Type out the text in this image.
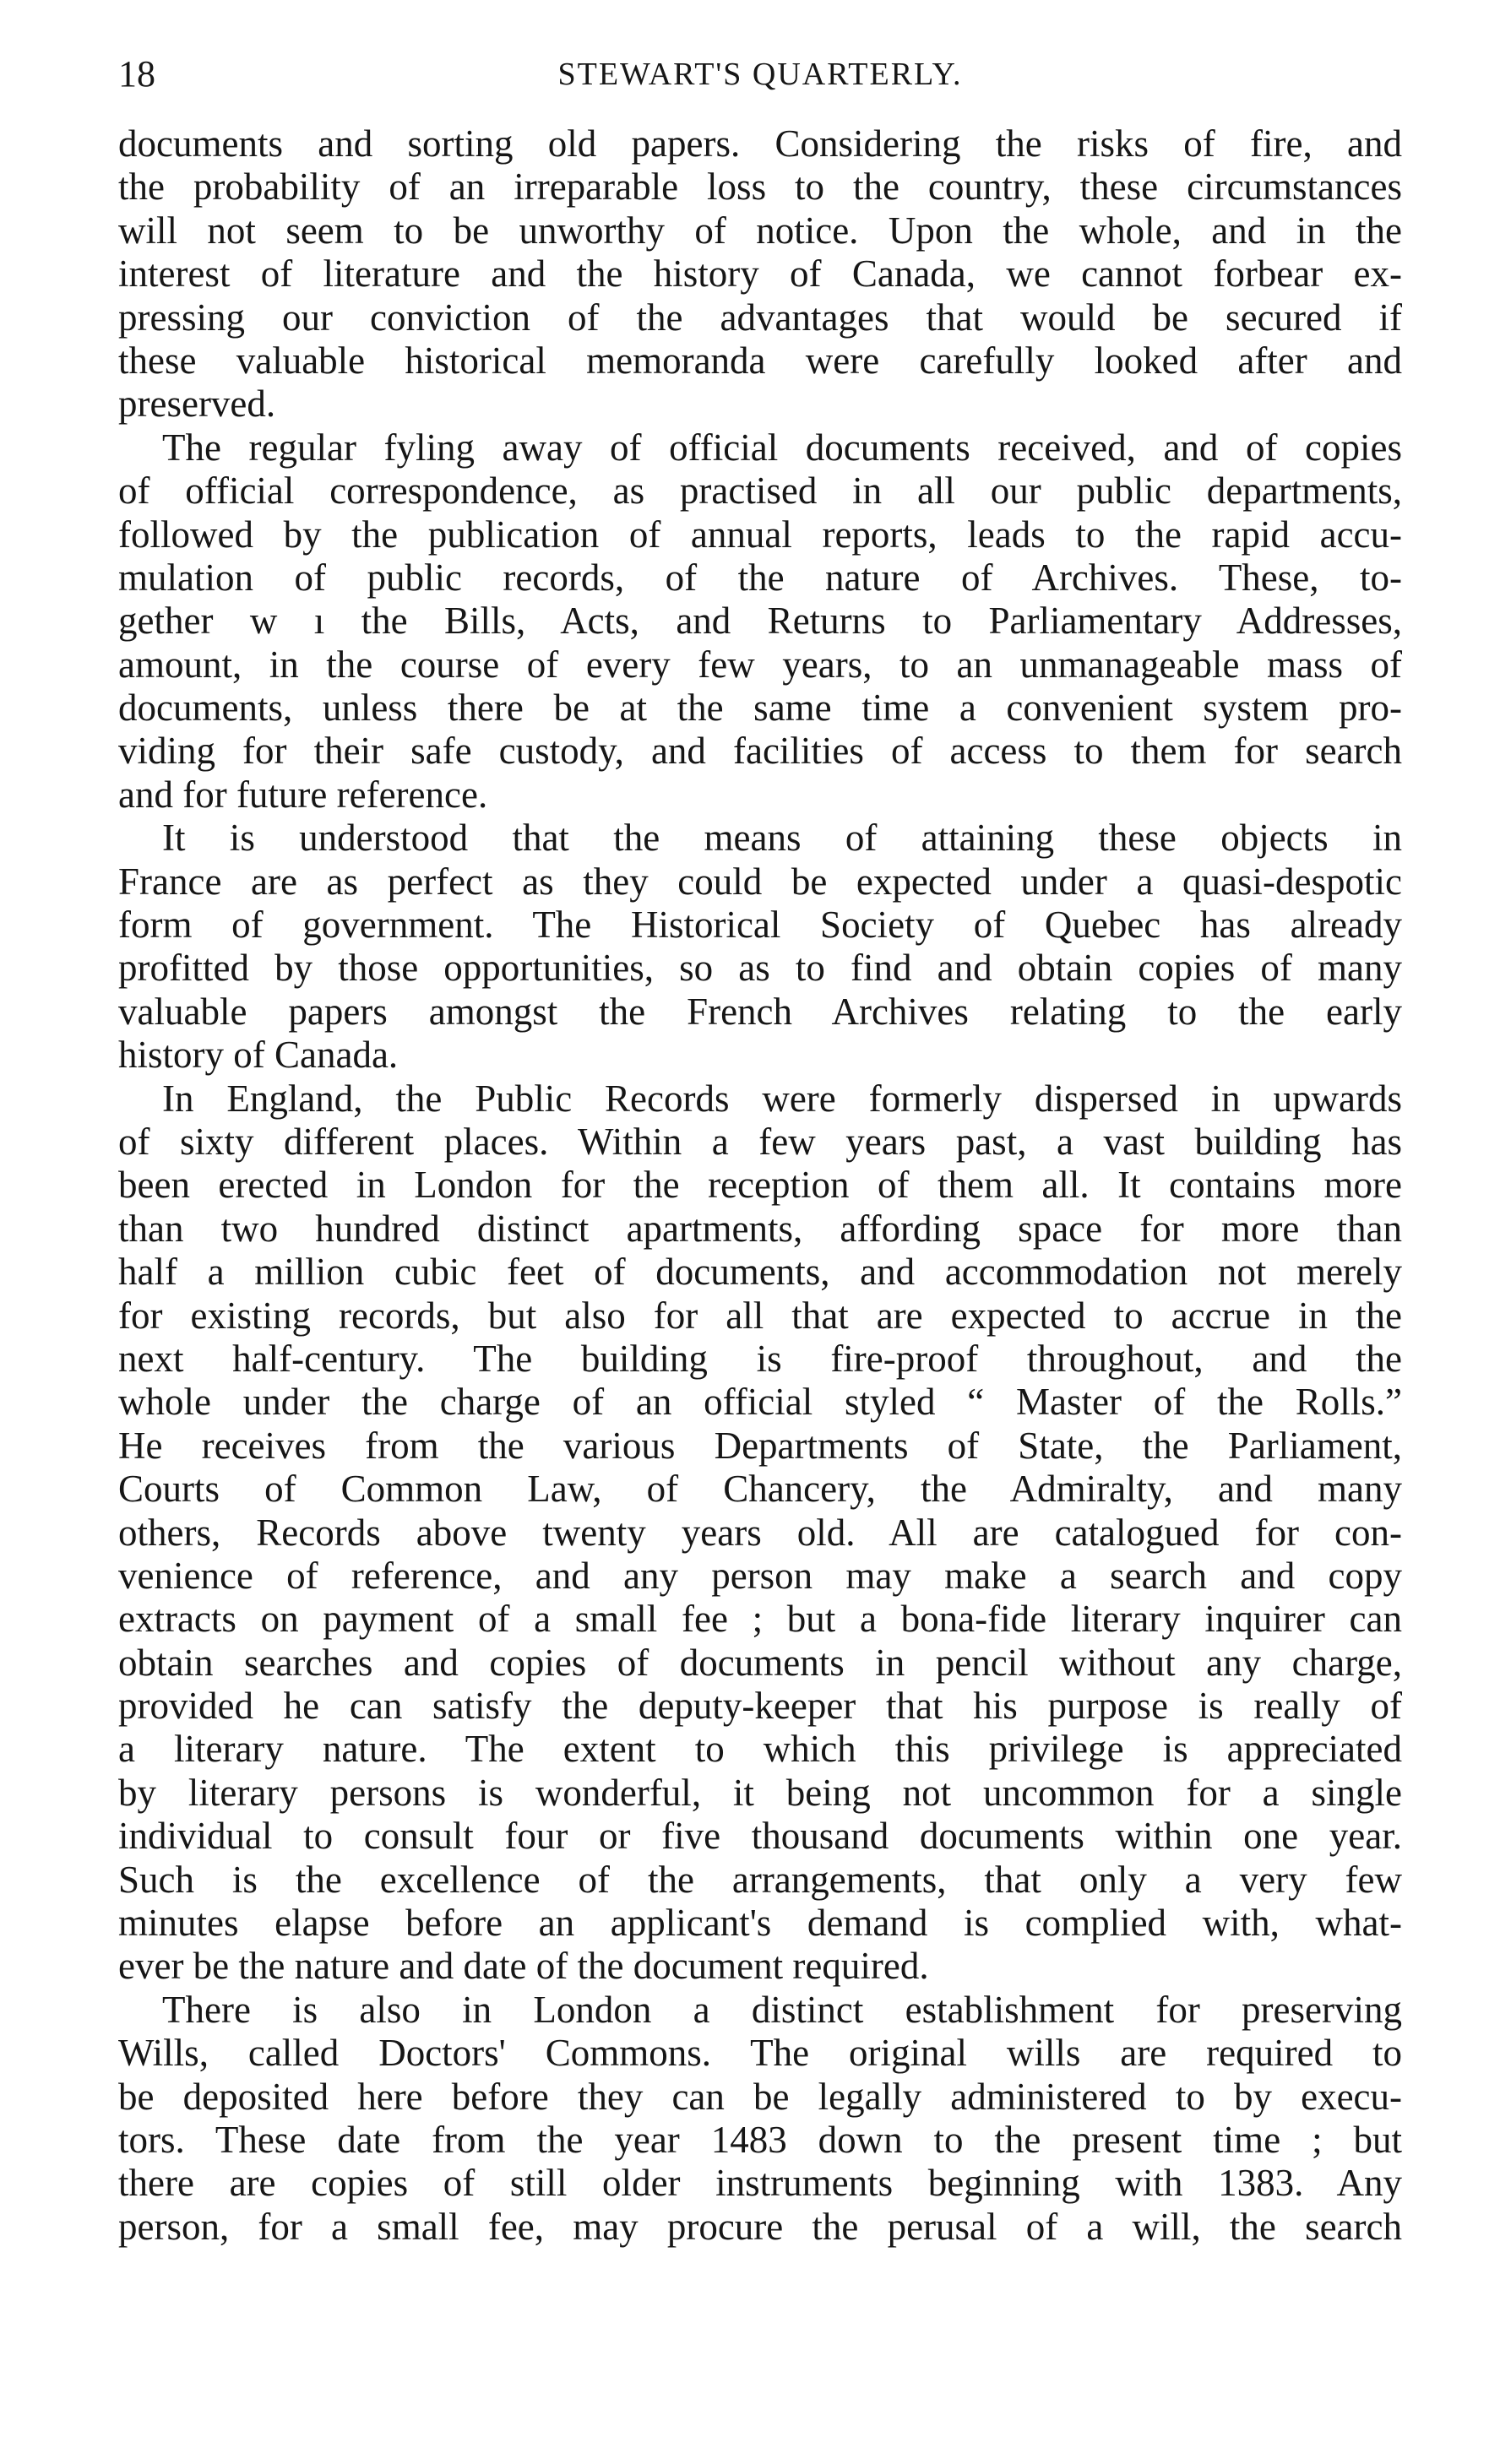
18	STEWART'S QUARTERLY.
documents and sorting old papers. Considering the risks of fire, and
the probability of an irreparable loss to the country, these circumstances
will not seem to be unworthy of notice. Upon the whole, and in the
interest of literature and the history of Canada, we cannot forbear ex-
pressing our conviction of the advantages that would be secured if
these valuable historical memoranda were carefully looked after and
preserved.
The regular fyling away of official documents received, and of copies
of official correspondence, as practised in all our public departments,
followed by the publication of annual reports, leads to the rapid accu-
mulation of public records, of the nature of Archives. These, to-
gether w ı the Bills, Acts, and Returns to Parliamentary Addresses,
amount, in the course of every few years, to an unmanageable mass of
documents, unless there be at the same time a convenient system pro-
viding for their safe custody, and facilities of access to them for search
and for future reference.
It is understood that the means of attaining these objects in
France are as perfect as they could be expected under a quasi-despotic
form of government. The Historical Society of Quebec has already
profitted by those opportunities, so as to find and obtain copies of many
valuable papers amongst the French Archives relating to the early
history of Canada.
In England, the Public Records were formerly dispersed in upwards
of sixty different places. Within a few years past, a vast building has
been erected in London for the reception of them all. It contains more
than two hundred distinct apartments, affording space for more than
half a million cubic feet of documents, and accommodation not merely
for existing records, but also for all that are expected to accrue in the
next half-century. The building is fire-proof throughout, and the
whole under the charge of an official styled “ Master of the Rolls.”
He receives from the various Departments of State, the Parliament,
Courts of Common Law, of Chancery, the Admiralty, and many
others, Records above twenty years old. All are catalogued for con-
venience of reference, and any person may make a search and copy
extracts on payment of a small fee ; but a bona-fide literary inquirer can
obtain searches and copies of documents in pencil without any charge,
provided he can satisfy the deputy-keeper that his purpose is really of
a literary nature. The extent to which this privilege is appreciated
by literary persons is wonderful, it being not uncommon for a single
individual to consult four or five thousand documents within one year.
Such is the excellence of the arrangements, that only a very few
minutes elapse before an applicant's demand is complied with, what-
ever be the nature and date of the document required.
There is also in London a distinct establishment for preserving
Wills, called Doctors' Commons. The original wills are required to
be deposited here before they can be legally administered to by execu-
tors. These date from the year 1483 down to the present time ; but
there are copies of still older instruments beginning with 1383. Any
person, for a small fee, may procure the perusal of a will, the search
